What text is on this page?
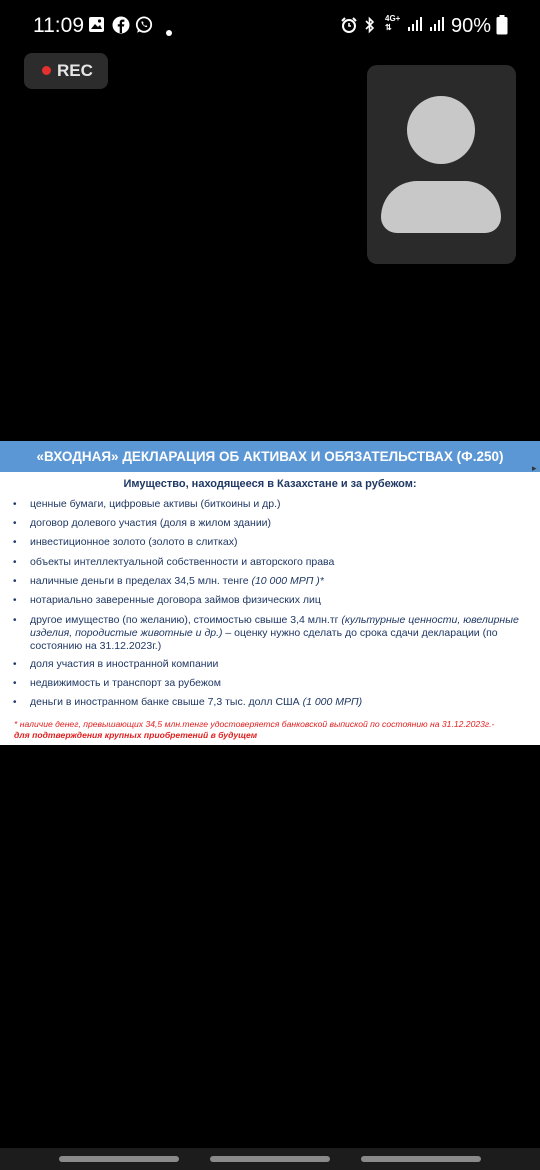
11:09	4G+
⇅	90%
REC
«ВХОДНАЯ» ДЕКЛАРАЦИЯ ОБ АКТИВАХ И ОБЯЗАТЕЛЬСТВАХ (Ф.250)
▸
Имущество, находящееся в Казахстане и за рубежом:
• ценные бумаги, цифровые активы (биткоины и др.)
• договор долевого участия (доля в жилом здании)
• инвестиционное золото (золото в слитках)
• объекты интеллектуальной собственности и авторского права
• наличные деньги в пределах 34,5 млн. тенге (10 000 МРП )*
• нотариально заверенные договора займов физических лиц
• другое имущество (по желанию), стоимостью свыше 3,4 млн.тг (культурные ценности, ювелирные изделия, породистые животные и др.) – оценку нужно сделать до срока сдачи декларации (по состоянию на 31.12.2023г.)
• доля участия в иностранной компании
• недвижимость и транспорт за рубежом
• деньги в иностранном банке свыше 7,3 тыс. долл США (1 000 МРП)
* наличие денег, превышающих 34,5 млн.тенге удостоверяется банковской выпиской по состоянию на 31.12.2023г.-
для подтверждения крупных приобретений в будущем
